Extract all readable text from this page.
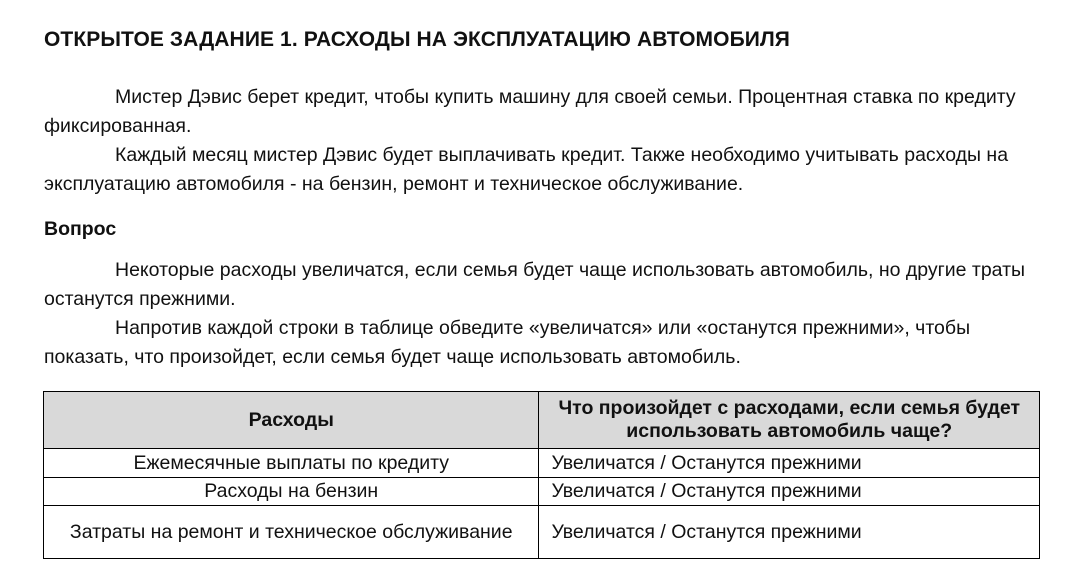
ОТКРЫТОЕ ЗАДАНИЕ 1. РАСХОДЫ НА ЭКСПЛУАТАЦИЮ АВТОМОБИЛЯ

Мистер Дэвис берет кредит, чтобы купить машину для своей семьи. Процентная ставка по кредиту фиксированная.

Каждый месяц мистер Дэвис будет выплачивать кредит. Также необходимо учитывать расходы на эксплуатацию автомобиля - на бензин, ремонт и техническое обслуживание.

Вопрос

Некоторые расходы увеличатся, если семья будет чаще использовать автомобиль, но другие траты останутся прежними.

Напротив каждой строки в таблице обведите «увеличатся» или «останутся прежними», чтобы показать, что произойдет, если семья будет чаще использовать автомобиль.

Расходы	Что произойдет с расходами, если семья будет использовать автомобиль чаще?
Ежемесячные выплаты по кредиту	Увеличатся / Останутся прежними
Расходы на бензин	Увеличатся / Останутся прежними
Затраты на ремонт и техническое обслуживание	Увеличатся / Останутся прежними
